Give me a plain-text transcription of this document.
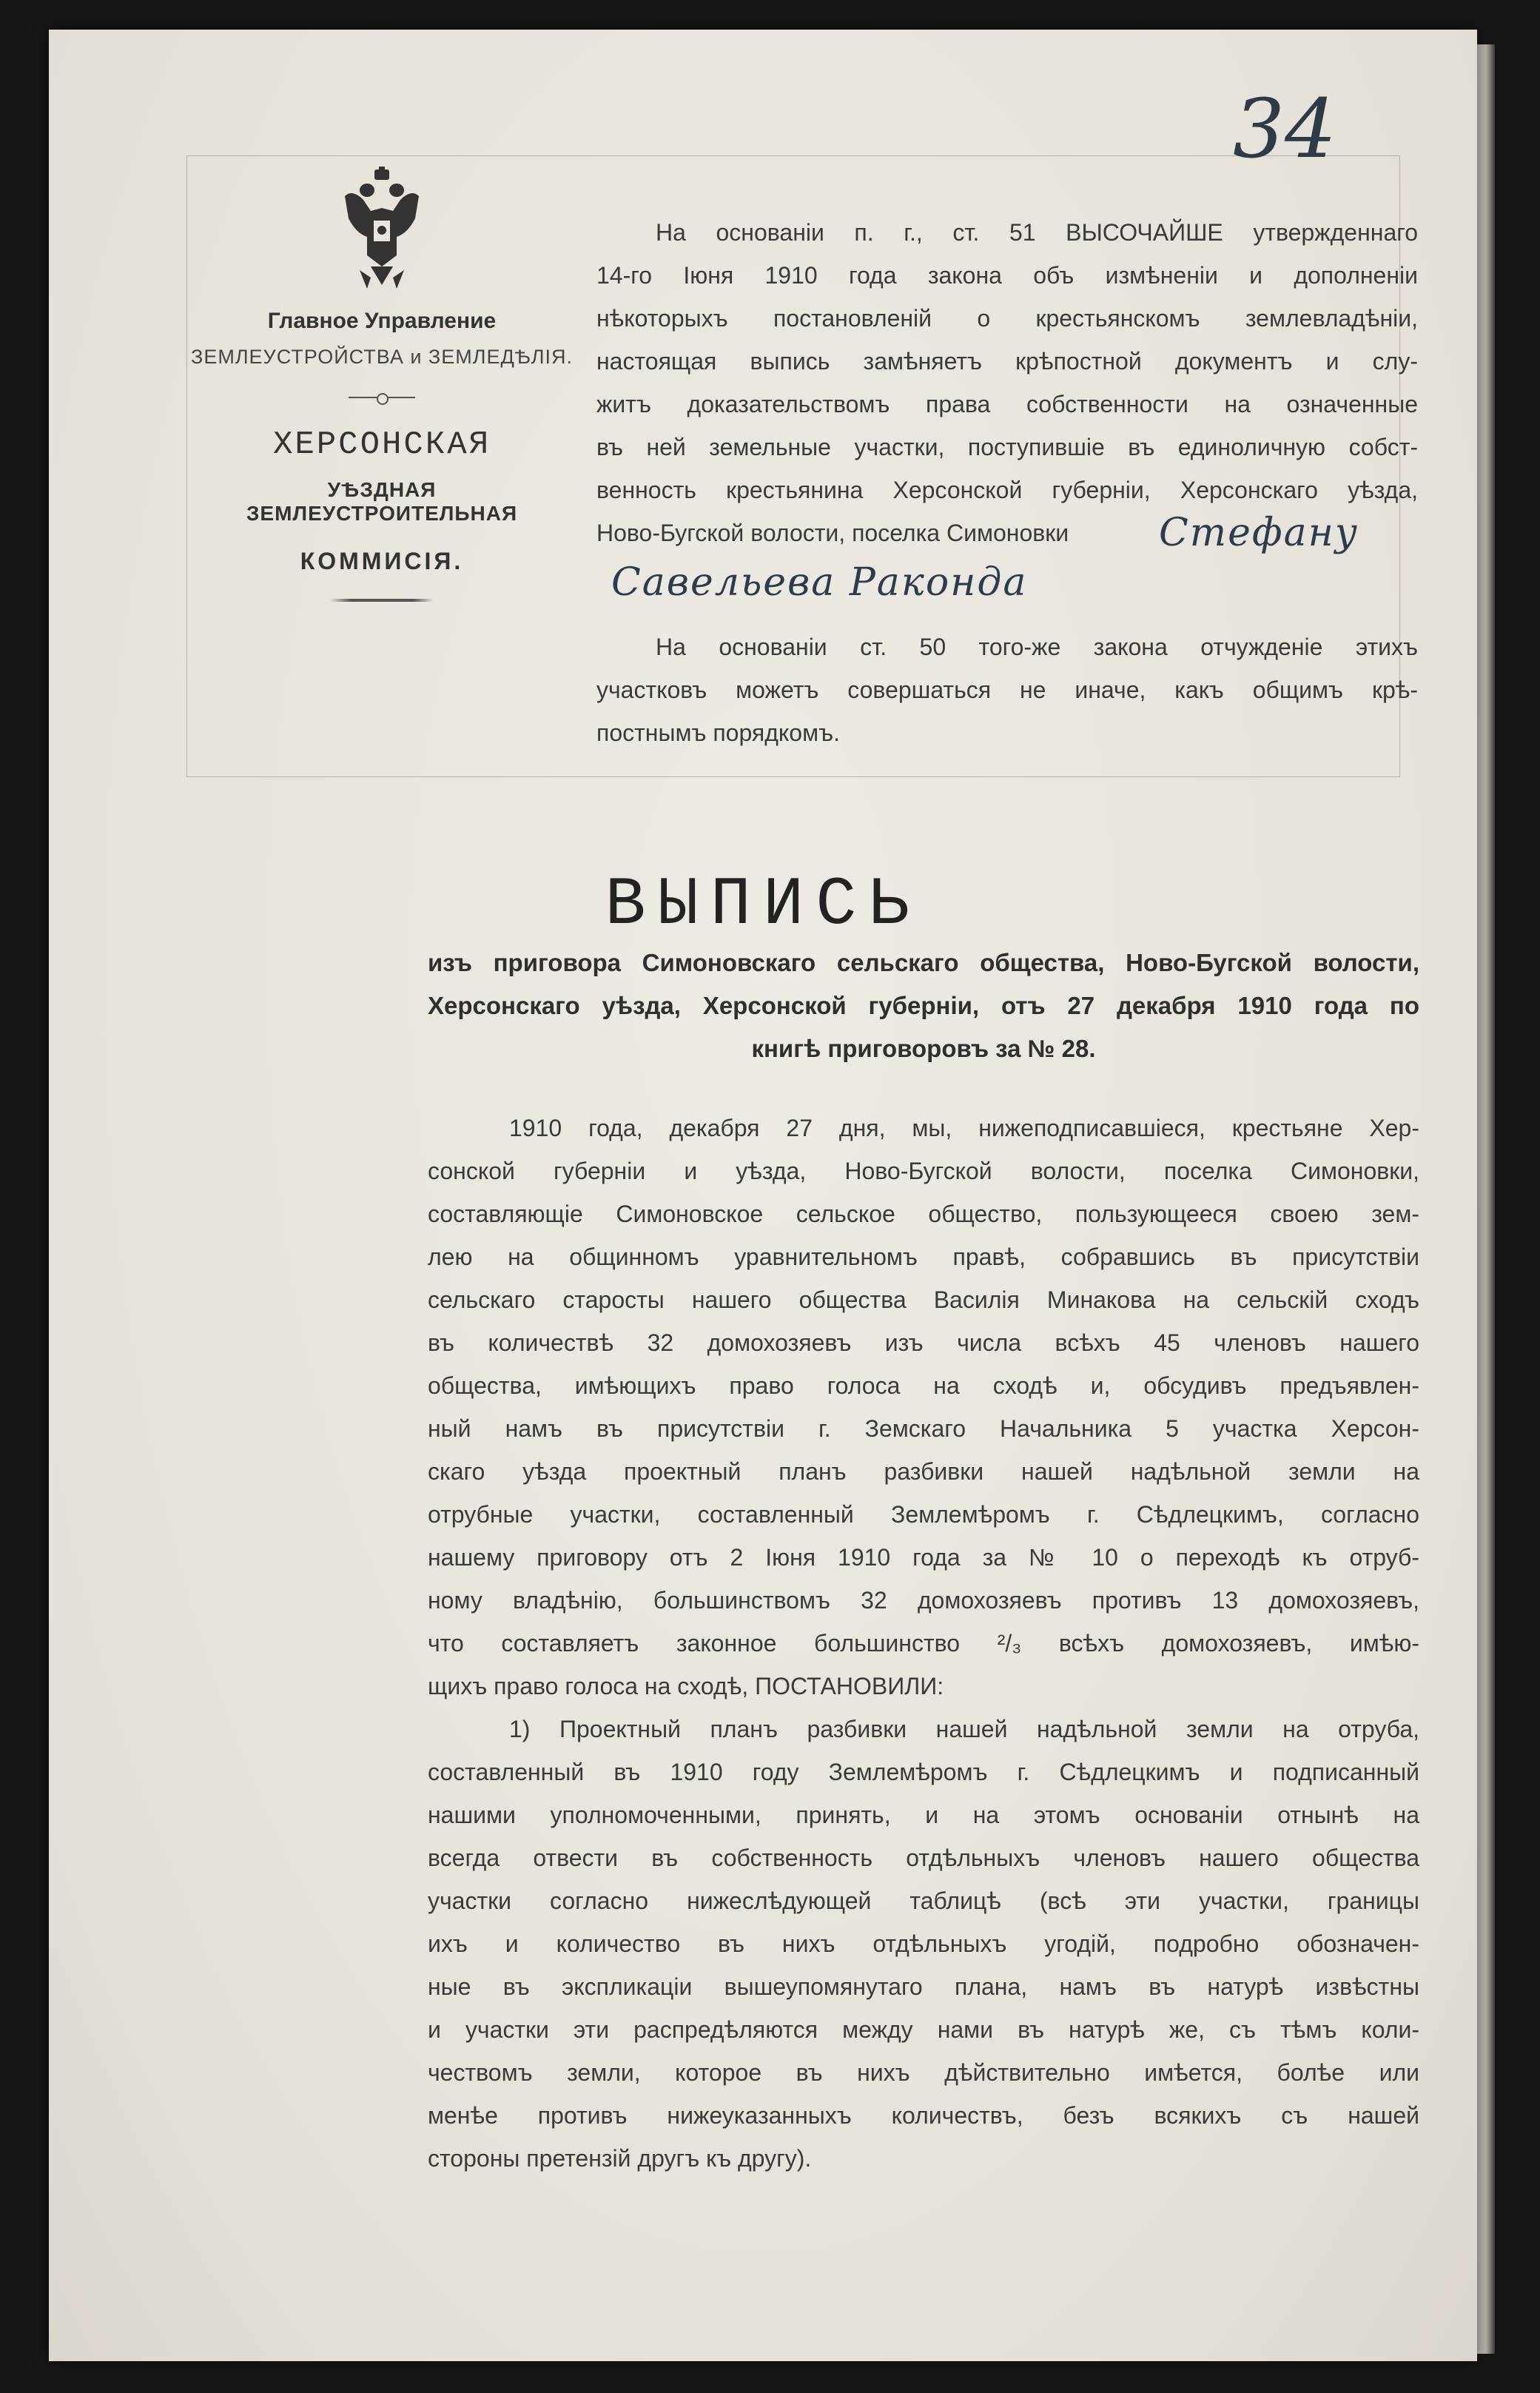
34
Главное Управление
ЗЕМЛЕУСТРОЙСТВА и ЗЕМЛЕДѢЛІЯ.
ХЕРСОНСКАЯ
УѢЗДНАЯ ЗЕМЛЕУСТРОИТЕЛЬНАЯ
КОММИСІЯ.
На основаніи п. г., ст. 51 ВЫСОЧАЙШЕ утвержденнаго
14-го Іюня 1910 года закона объ измѣненіи и дополненіи
нѣкоторыхъ постановленій о крестьянскомъ землевладѣніи,
настоящая выпись замѣняетъ крѣпостной документъ и слу-
житъ доказательствомъ права собственности на означенные
въ ней земельные участки, поступившіе въ единоличную собст-
венность крестьянина Херсонской губерніи, Херсонскаго уѣзда,
Ново-Бугской волости, поселка Симоновки Стефану
Савельева Раконда
На основаніи ст. 50 того-же закона отчужденіе этихъ
участковъ можетъ совершаться не иначе, какъ общимъ крѣ-
постнымъ порядкомъ.
ВЫПИСЬ
изъ приговора Симоновскаго сельскаго общества, Ново-Бугской волости,
Херсонскаго уѣзда, Херсонской губерніи, отъ 27 декабря 1910 года по
книгѣ приговоровъ за № 28.
1910 года, декабря 27 дня, мы, нижеподписавшіеся, крестьяне Хер-
сонской губерніи и уѣзда, Ново-Бугской волости, поселка Симоновки,
составляющіе Симоновское сельское общество, пользующееся своею зем-
лею на общинномъ уравнительномъ правѣ, собравшись въ присутствіи
сельскаго старосты нашего общества Василія Минакова на сельскій сходъ
въ количествѣ 32 домохозяевъ изъ числа всѣхъ 45 членовъ нашего
общества, имѣющихъ право голоса на сходѣ и, обсудивъ предъявлен-
ный намъ въ присутствіи г. Земскаго Начальника 5 участка Херсон-
скаго уѣзда проектный планъ разбивки нашей надѣльной земли на
отрубные участки, составленный Землемѣромъ г. Сѣдлецкимъ, согласно
нашему приговору отъ 2 Іюня 1910 года за № 10 о переходѣ къ отруб-
ному владѣнію, большинствомъ 32 домохозяевъ противъ 13 домохозяевъ,
что составляетъ законное большинство ²/₃ всѣхъ домохозяевъ, имѣю-
щихъ право голоса на сходѣ, ПОСТАНОВИЛИ:
1) Проектный планъ разбивки нашей надѣльной земли на отруба,
составленный въ 1910 году Землемѣромъ г. Сѣдлецкимъ и подписанный
нашими уполномоченными, принять, и на этомъ основаніи отнынѣ на
всегда отвести въ собственность отдѣльныхъ членовъ нашего общества
участки согласно нижеслѣдующей таблицѣ (всѣ эти участки, границы
ихъ и количество въ нихъ отдѣльныхъ угодій, подробно обозначен-
ные въ экспликаціи вышеупомянутаго плана, намъ въ натурѣ извѣстны
и участки эти распредѣляются между нами въ натурѣ же, съ тѣмъ коли-
чествомъ земли, которое въ нихъ дѣйствительно имѣется, болѣе или
менѣе противъ нижеуказанныхъ количествъ, безъ всякихъ съ нашей
стороны претензій другъ къ другу).
